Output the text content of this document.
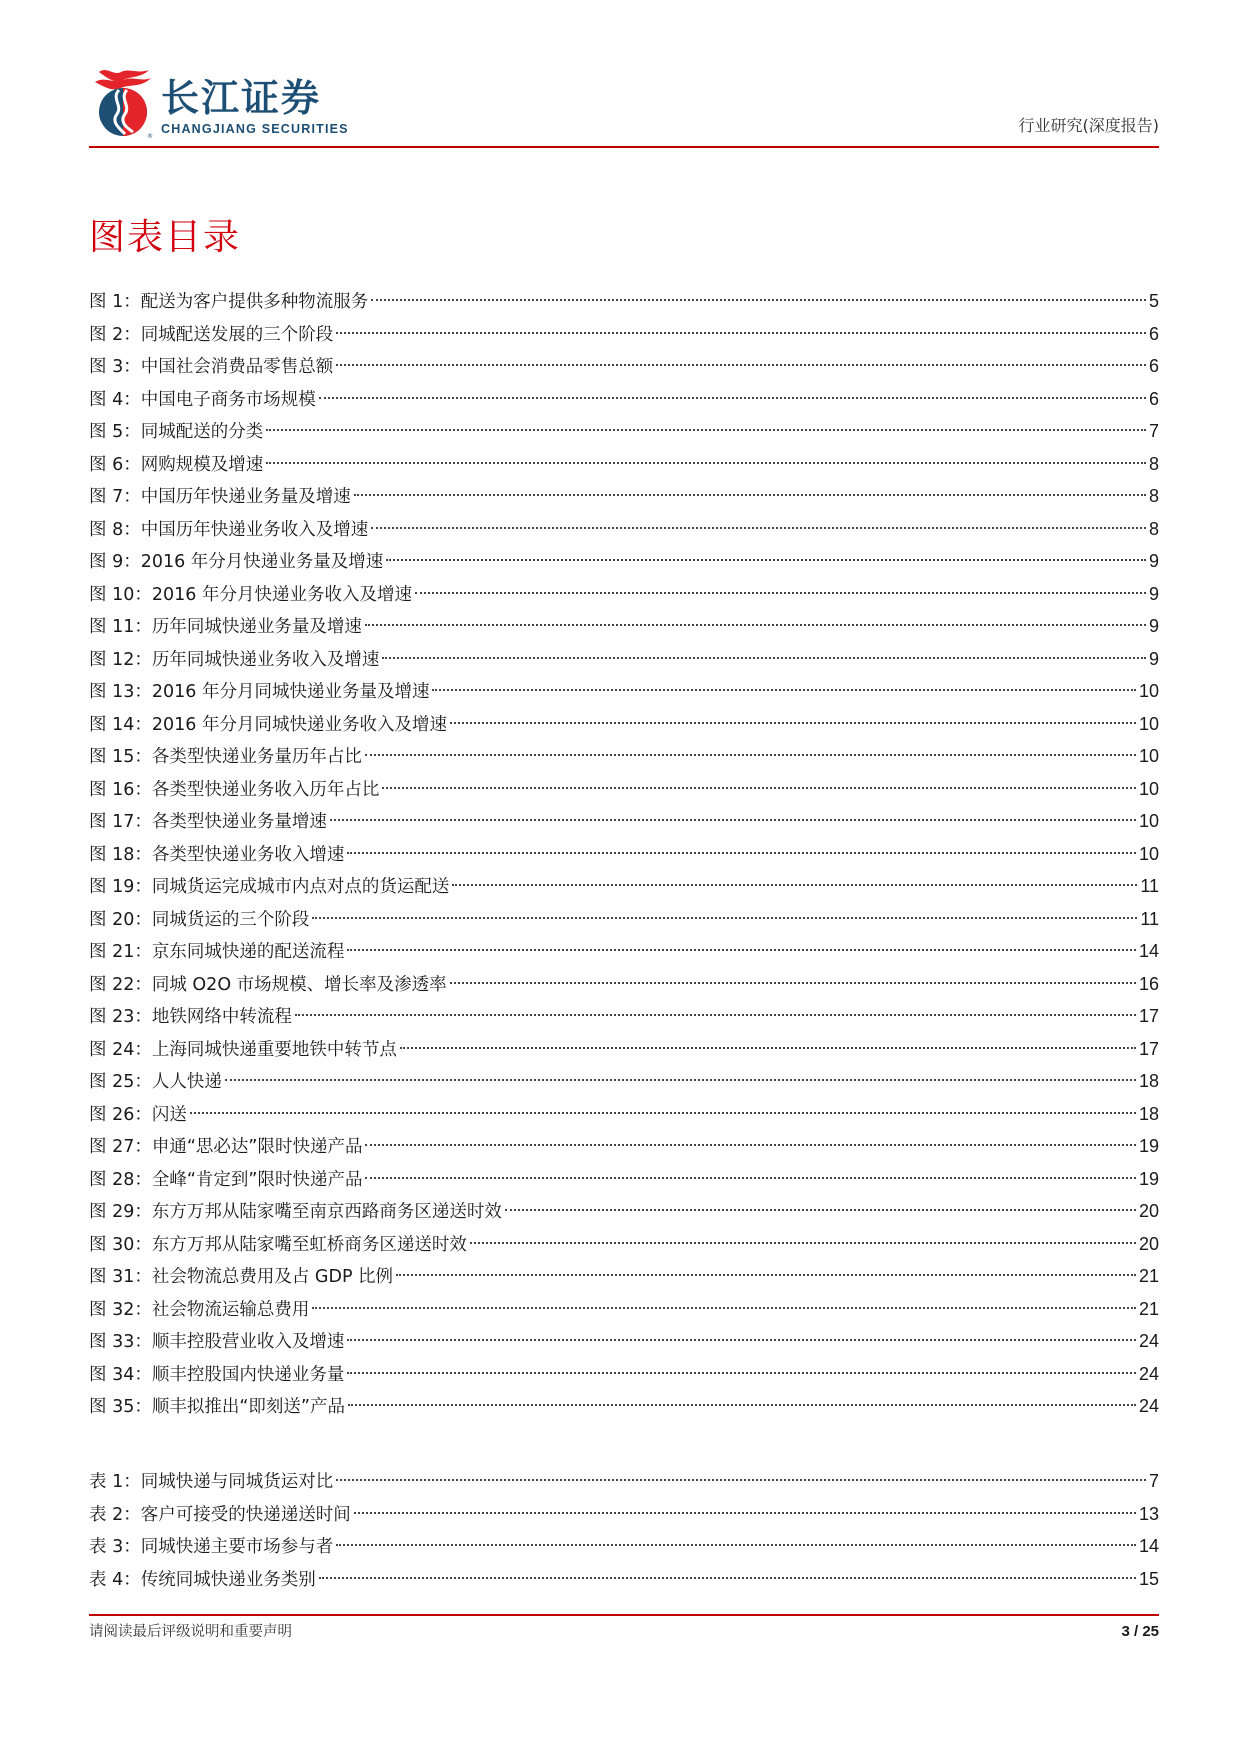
®
长江证券
CHANGJIANG SECURITIES	行业研究(深度报告)
图表目录
图 1：配送为客户提供多种物流服务	5
图 2：同城配送发展的三个阶段	6
图 3：中国社会消费品零售总额	6
图 4：中国电子商务市场规模	6
图 5：同城配送的分类	7
图 6：网购规模及增速	8
图 7：中国历年快递业务量及增速	8
图 8：中国历年快递业务收入及增速	8
图 9：2016 年分月快递业务量及增速	9
图 10：2016 年分月快递业务收入及增速	9
图 11：历年同城快递业务量及增速	9
图 12：历年同城快递业务收入及增速	9
图 13：2016 年分月同城快递业务量及增速	10
图 14：2016 年分月同城快递业务收入及增速	10
图 15：各类型快递业务量历年占比	10
图 16：各类型快递业务收入历年占比	10
图 17：各类型快递业务量增速	10
图 18：各类型快递业务收入增速	10
图 19：同城货运完成城市内点对点的货运配送	11
图 20：同城货运的三个阶段	11
图 21：京东同城快递的配送流程	14
图 22：同城 O2O 市场规模、增长率及渗透率	16
图 23：地铁网络中转流程	17
图 24：上海同城快递重要地铁中转节点	17
图 25：人人快递	18
图 26：闪送	18
图 27：申通“思必达”限时快递产品	19
图 28：全峰“肯定到”限时快递产品	19
图 29：东方万邦从陆家嘴至南京西路商务区递送时效	20
图 30：东方万邦从陆家嘴至虹桥商务区递送时效	20
图 31：社会物流总费用及占 GDP 比例	21
图 32：社会物流运输总费用	21
图 33：顺丰控股营业收入及增速	24
图 34：顺丰控股国内快递业务量	24
图 35：顺丰拟推出“即刻送”产品	24
表 1：同城快递与同城货运对比	7
表 2：客户可接受的快递递送时间	13
表 3：同城快递主要市场参与者	14
表 4：传统同城快递业务类别	15
请阅读最后评级说明和重要声明	3 / 25
